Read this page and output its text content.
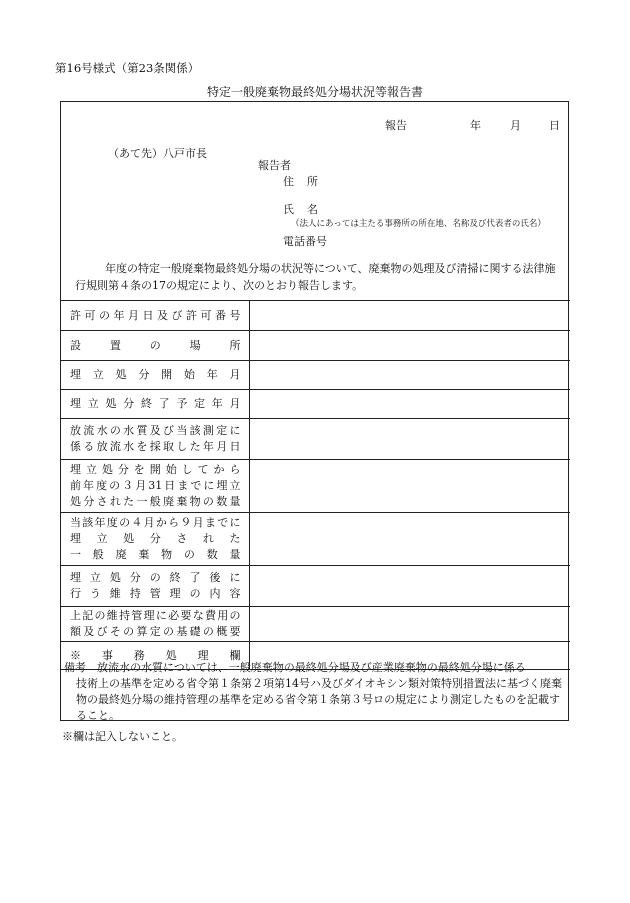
第16号様式（第23条関係）
特定一般廃棄物最終処分場状況等報告書
報告	年	月	日
（あて先）八戸市長
報告者
住所
氏名
（法人にあっては主たる事務所の所在地、名称及び代表者の氏名）
電話番号
年度の特定一般廃棄物最終処分場の状況等について、廃棄物の処理及び清掃に関する法律施行規則第４条の17の規定により、次のとおり報告します。
許可の年月日及び許可番号	

設置の場所	

埋立処分開始年月	

埋立処分終了予定年月	

放流水の水質及び当該測定に
係る放流水を採取した年月日	

埋立処分を開始してから
前年度の３月31日までに埋立
処分された一般廃棄物の数量	

当該年度の４月から９月までに
埋立処分された
一般廃棄物の数量	

埋立処分の終了後に
行う維持管理の内容	

上記の維持管理に必要な費用の
額及びその算定の基礎の概要	

※事務処理欄	

備考　放流水の水質については、一般廃棄物の最終処分場及び産業廃棄物の最終処分場に係る
技術上の基準を定める省令第１条第２項第14号ハ及びダイオキシン類対策特別措置法に基づく廃棄物の最終処分場の維持管理の基準を定める省令第１条第３号ロの規定により測定したものを記載すること。
※欄は記入しないこと。
